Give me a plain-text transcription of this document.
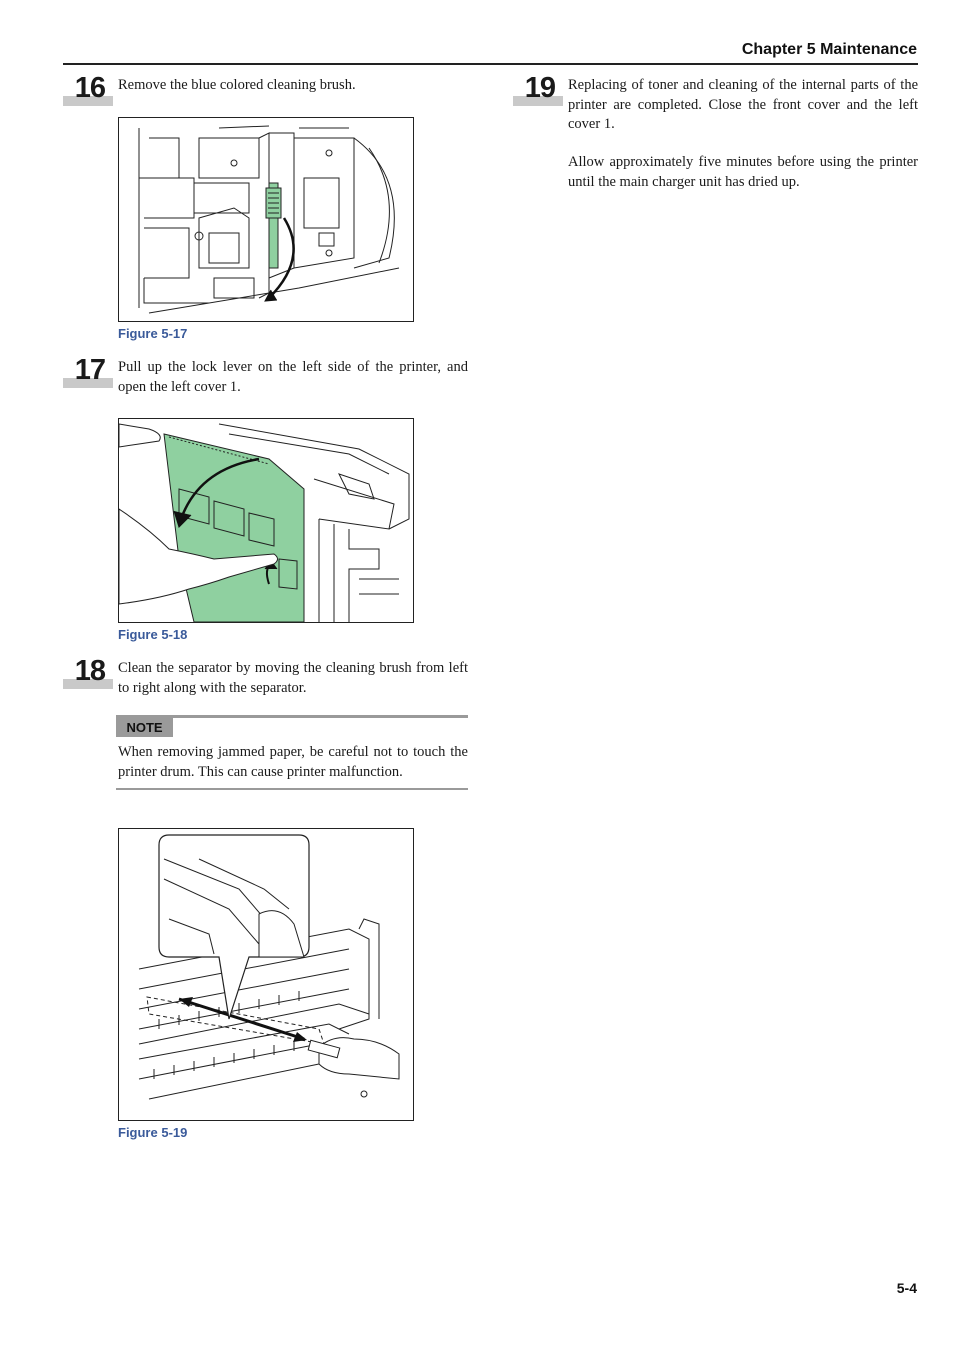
Chapter 5 Maintenance
16 Remove the blue colored cleaning brush.
Figure 5-17
17 Pull up the lock lever on the left side of the printer, and open the left cover 1.
Figure 5-18
18 Clean the separator by moving the cleaning brush from left to right along with the separator.
NOTE
When removing jammed paper, be careful not to touch the printer drum. This can cause printer malfunction.
Figure 5-19
19 Replacing of toner and cleaning of the internal parts of the printer are completed. Close the front cover and the left cover 1.
Allow approximately five minutes before using the printer until the main charger unit has dried up.
5-4
